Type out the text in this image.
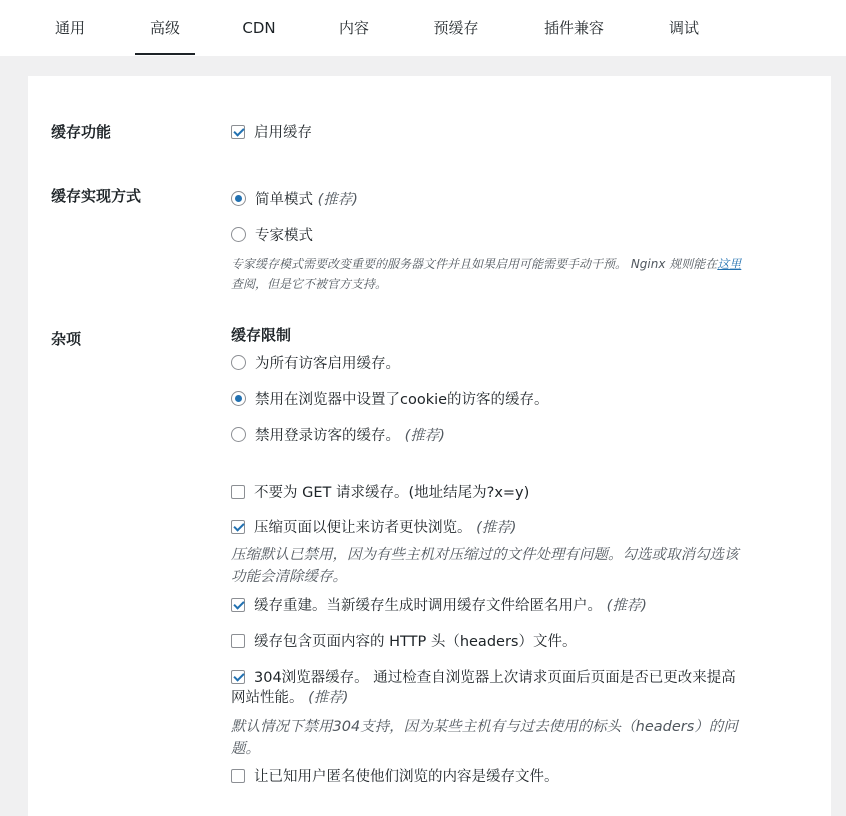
通用	高级	CDN	内容	预缓存	插件兼容	调试
缓存功能	启用缓存
缓存实现方式	简单模式 (推荐)
专家模式
专家缓存模式需要改变重要的服务器文件并且如果启用可能需要手动干预。 Nginx 规则能在这里
查阅，但是它不被官方支持。
杂项	缓存限制
为所有访客启用缓存。
禁用在浏览器中设置了cookie的访客的缓存。
禁用登录访客的缓存。 (推荐)
不要为 GET 请求缓存。(地址结尾为?x=y)
压缩页面以便让来访者更快浏览。 (推荐)
压缩默认已禁用，因为有些主机对压缩过的文件处理有问题。勾选或取消勾选该
功能会清除缓存。
缓存重建。当新缓存生成时调用缓存文件给匿名用户。 (推荐)
缓存包含页面内容的 HTTP 头（headers）文件。
304浏览器缓存。 通过检查自浏览器上次请求页面后页面是否已更改来提高
网站性能。 (推荐)
默认情况下禁用304支持，因为某些主机有与过去使用的标头（headers）的问
题。
让已知用户匿名使他们浏览的内容是缓存文件。
